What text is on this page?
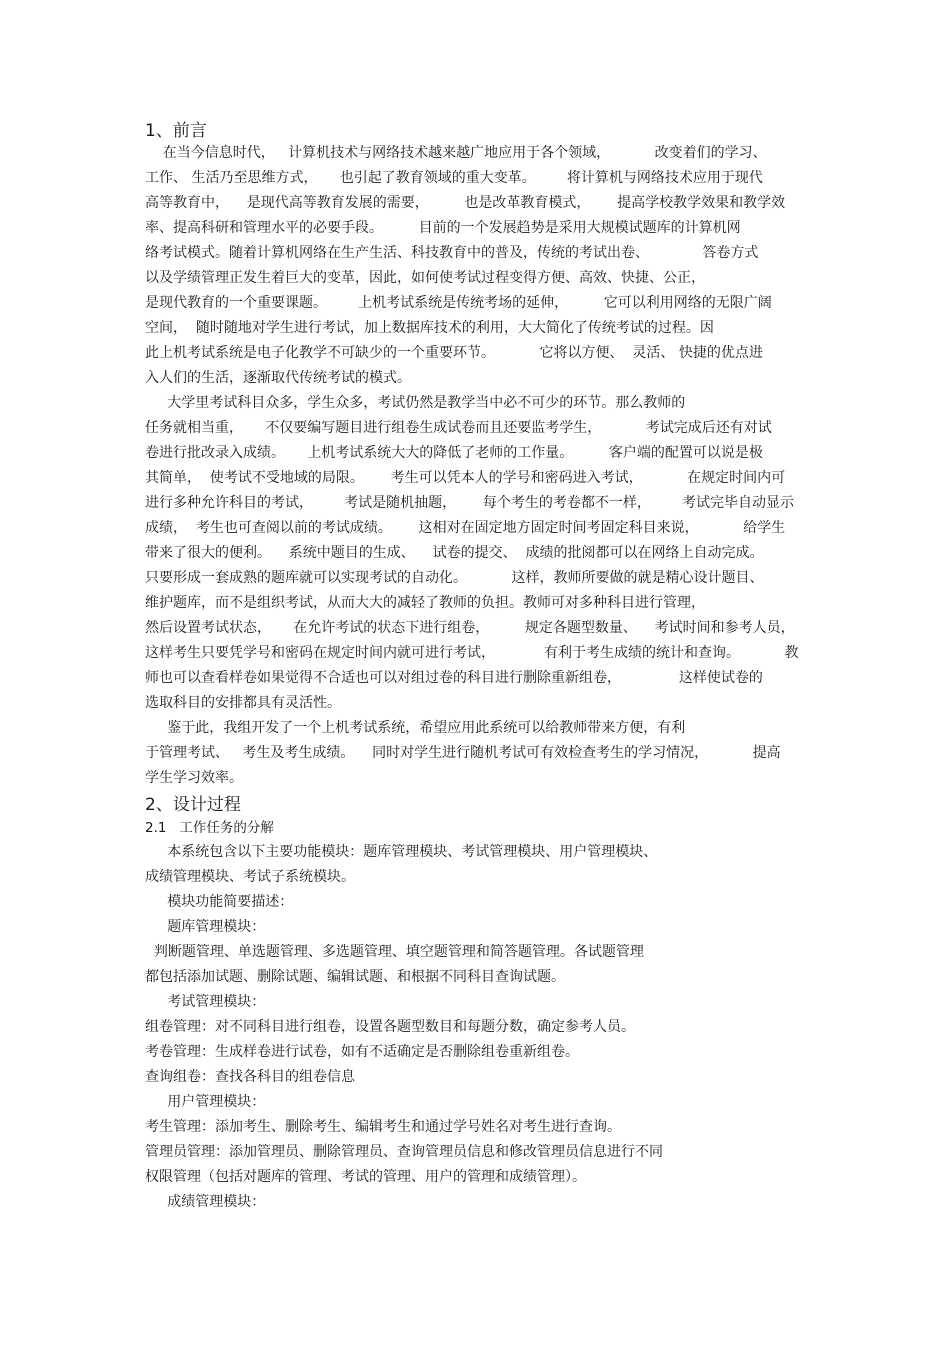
1、前言
在当今信息时代，   计算机技术与网络技术越来越广地应用于各个领域，          改变着们的学习、
工作、 生活乃至思维方式，     也引起了教育领域的重大变革。       将计算机与网络技术应用于现代
高等教育中，    是现代高等教育发展的需要，        也是改革教育模式，      提高学校教学效果和教学效
率、提高科研和管理水平的必要手段。        目前的一个发展趋势是采用大规模试题库的计算机网
络考试模式。随着计算机网络在生产生活、科技教育中的普及，传统的考试出卷、            答卷方式
以及学绩管理正发生着巨大的变革，因此，如何使考试过程变得方便、高效、快捷、公正，
是现代教育的一个重要课题。       上机考试系统是传统考场的延伸，        它可以利用网络的无限广阔
空间，  随时随地对学生进行考试，加上数据库技术的利用，大大简化了传统考试的过程。因
此上机考试系统是电子化教学不可缺少的一个重要环节。          它将以方便、  灵活、 快捷的优点进
入人们的生活，逐渐取代传统考试的模式。
大学里考试科目众多，学生众多，考试仍然是教学当中必不可少的环节。那么教师的
任务就相当重，     不仅要编写题目进行组卷生成试卷而且还要监考学生，          考试完成后还有对试
卷进行批改录入成绩。     上机考试系统大大的降低了老师的工作量。        客户端的配置可以说是极
其简单，  使考试不受地域的局限。      考生可以凭本人的学号和密码进入考试，          在规定时间内可
进行多种允许科目的考试，       考试是随机抽题，      每个考生的考卷都不一样，       考试完毕自动显示
成绩，  考生也可查阅以前的考试成绩。      这相对在固定地方固定时间考固定科目来说，          给学生
带来了很大的便利。    系统中题目的生成、    试卷的提交、  成绩的批阅都可以在网络上自动完成。
只要形成一套成熟的题库就可以实现考试的自动化。          这样，教师所要做的就是精心设计题目、
维护题库，而不是组织考试，从而大大的减轻了教师的负担。教师可对多种科目进行管理，
然后设置考试状态，     在允许考试的状态下进行组卷，        规定各题型数量、    考试时间和参考人员，
这样考生只要凭学号和密码在规定时间内就可进行考试，           有利于考生成绩的统计和查询。          教
师也可以查看样卷如果觉得不合适也可以对组过卷的科目进行删除重新组卷，             这样使试卷的
选取科目的安排都具有灵活性。
鉴于此，我组开发了一个上机考试系统，希望应用此系统可以给教师带来方便，有利
于管理考试、   考生及考生成绩。    同时对学生进行随机考试可有效检查考生的学习情况，          提高
学生学习效率。
2、设计过程
2.1   工作任务的分解
本系统包含以下主要功能模块：题库管理模块、考试管理模块、用户管理模块、
成绩管理模块、考试子系统模块。
模块功能简要描述：
题库管理模块：
判断题管理、单选题管理、多选题管理、填空题管理和简答题管理。各试题管理
都包括添加试题、删除试题、编辑试题、和根据不同科目查询试题。
考试管理模块：
组卷管理：对不同科目进行组卷，设置各题型数目和每题分数，确定参考人员。
考卷管理：生成样卷进行试卷，如有不适确定是否删除组卷重新组卷。
查询组卷：查找各科目的组卷信息
用户管理模块：
考生管理：添加考生、删除考生、编辑考生和通过学号姓名对考生进行查询。
管理员管理：添加管理员、删除管理员、查询管理员信息和修改管理员信息进行不同
权限管理（包括对题库的管理、考试的管理、用户的管理和成绩管理）。
成绩管理模块：
